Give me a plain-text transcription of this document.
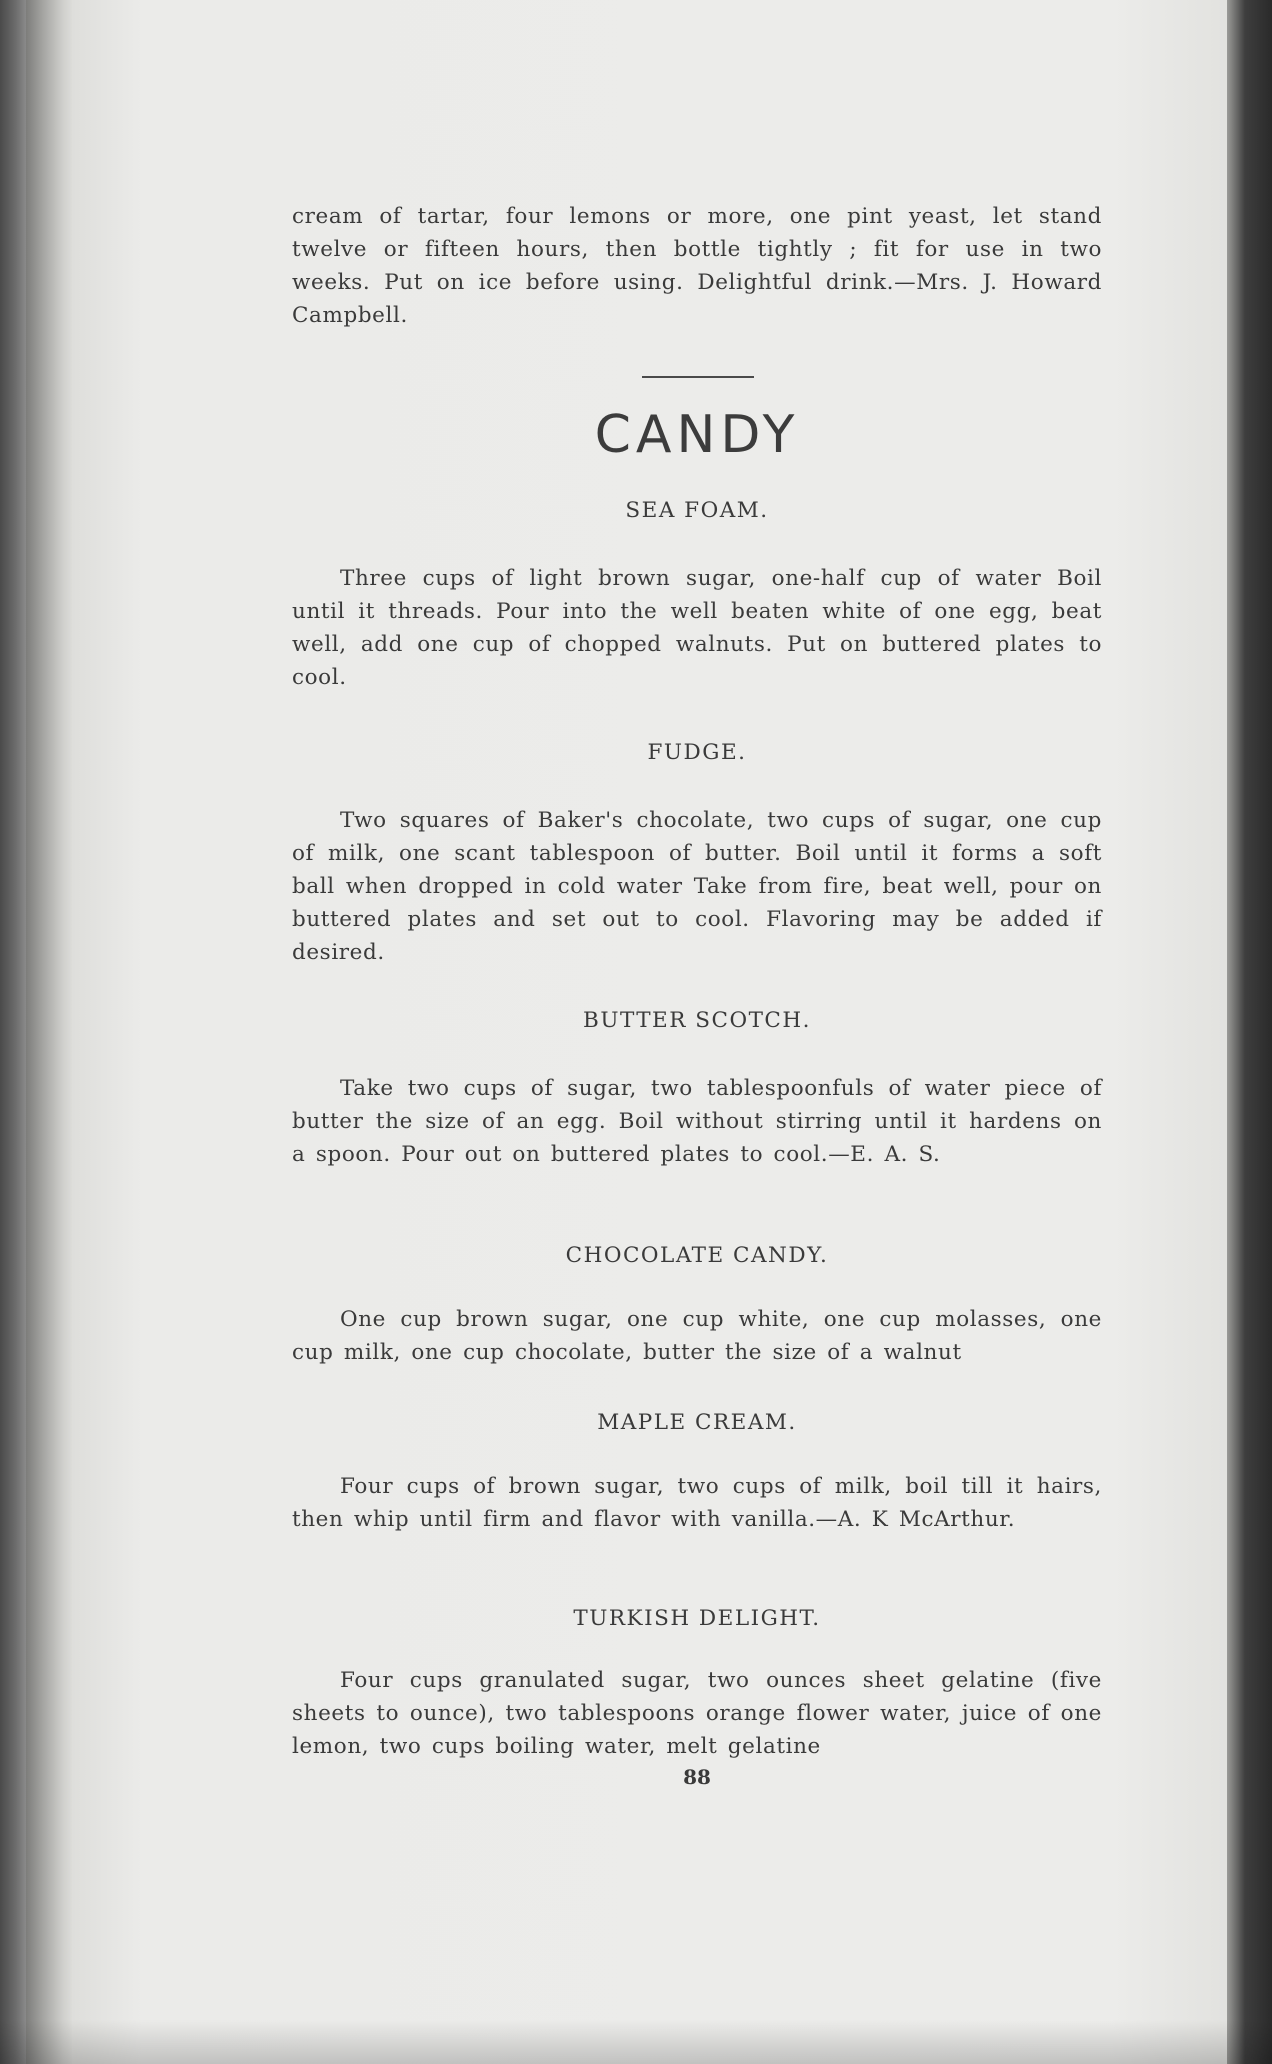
cream of tartar, four lemons or more, one pint yeast, let stand twelve or fifteen hours, then bottle tightly ; fit for use in two weeks. Put on ice before using. Delightful drink.—Mrs. J. Howard Campbell.
CANDY
SEA FOAM.
Three cups of light brown sugar, one-half cup of water Boil until it threads. Pour into the well beaten white of one egg, beat well, add one cup of chopped walnuts. Put on buttered plates to cool.
FUDGE.
Two squares of Baker's chocolate, two cups of sugar, one cup of milk, one scant tablespoon of butter. Boil until it forms a soft ball when dropped in cold water Take from fire, beat well, pour on buttered plates and set out to cool. Flavoring may be added if desired.
BUTTER SCOTCH.
Take two cups of sugar, two tablespoonfuls of water piece of butter the size of an egg. Boil without stirring until it hardens on a spoon. Pour out on buttered plates to cool.—E. A. S.
CHOCOLATE CANDY.
One cup brown sugar, one cup white, one cup molasses, one cup milk, one cup chocolate, butter the size of a walnut
MAPLE CREAM.
Four cups of brown sugar, two cups of milk, boil till it hairs, then whip until firm and flavor with vanilla.—A. K McArthur.
TURKISH DELIGHT.
Four cups granulated sugar, two ounces sheet gelatine (five sheets to ounce), two tablespoons orange flower water, juice of one lemon, two cups boiling water, melt gelatine
88
